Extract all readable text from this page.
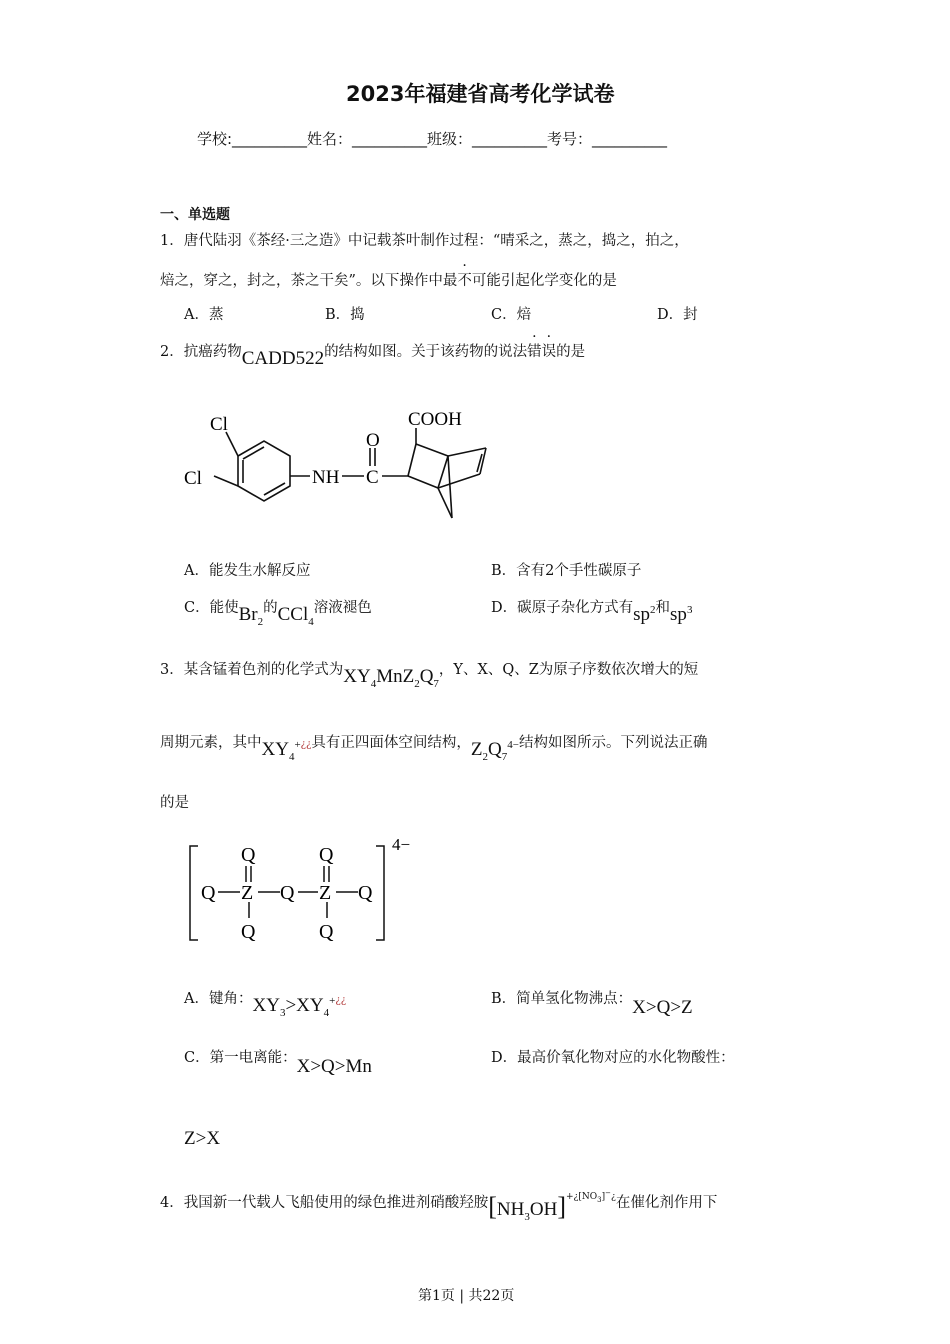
2023年福建省高考化学试卷
学校:__________姓名：__________班级：__________考号：__________
一、单选题
1．唐代陆羽《茶经·三之造》中记载茶叶制作过程：“晴采之，蒸之，捣之，拍之，
焙之，穿之，封之，茶之干矣”。以下操作中最不可能引起化学变化的是
A．蒸	B．捣	C．焙	D．封
2．抗癌药物CADD522的结构如图。关于该药物的说法错误的是
Cl
Cl	NH C
O
COOH
A．能发生水解反应	B．含有2个手性碳原子
C．能使$Br_2$的CCl$_4$溶液褪色	D．碳原子杂化方式有$sp^2$和$sp^3$
3．某含锰着色剂的化学式为$XY_4MnZ_2Q_7$，Y、X、Q、Z为原子序数依次增大的短
周期元素，其中$XY_4^+¿¿$具有正四面体空间结构，$Z_2Q_7^{4-}$结构如图所示。下列说法正确
的是
Q Z Q Z Q
Q	Q
Q	Q
4−
A．键角：$XY_3>XY_4^+¿¿$	B．简单氢化物沸点：X>Q>Z
C．第一电离能：X>Q>Mn	D．最高价氧化物对应的水化物酸性：
Z>X
4．我国新一代载人飞船使用的绿色推进剂硝酸羟胺$[NH_3OH]^{+¿[NO_3]^-¿}$在催化剂作用下
第1页 | 共22页
